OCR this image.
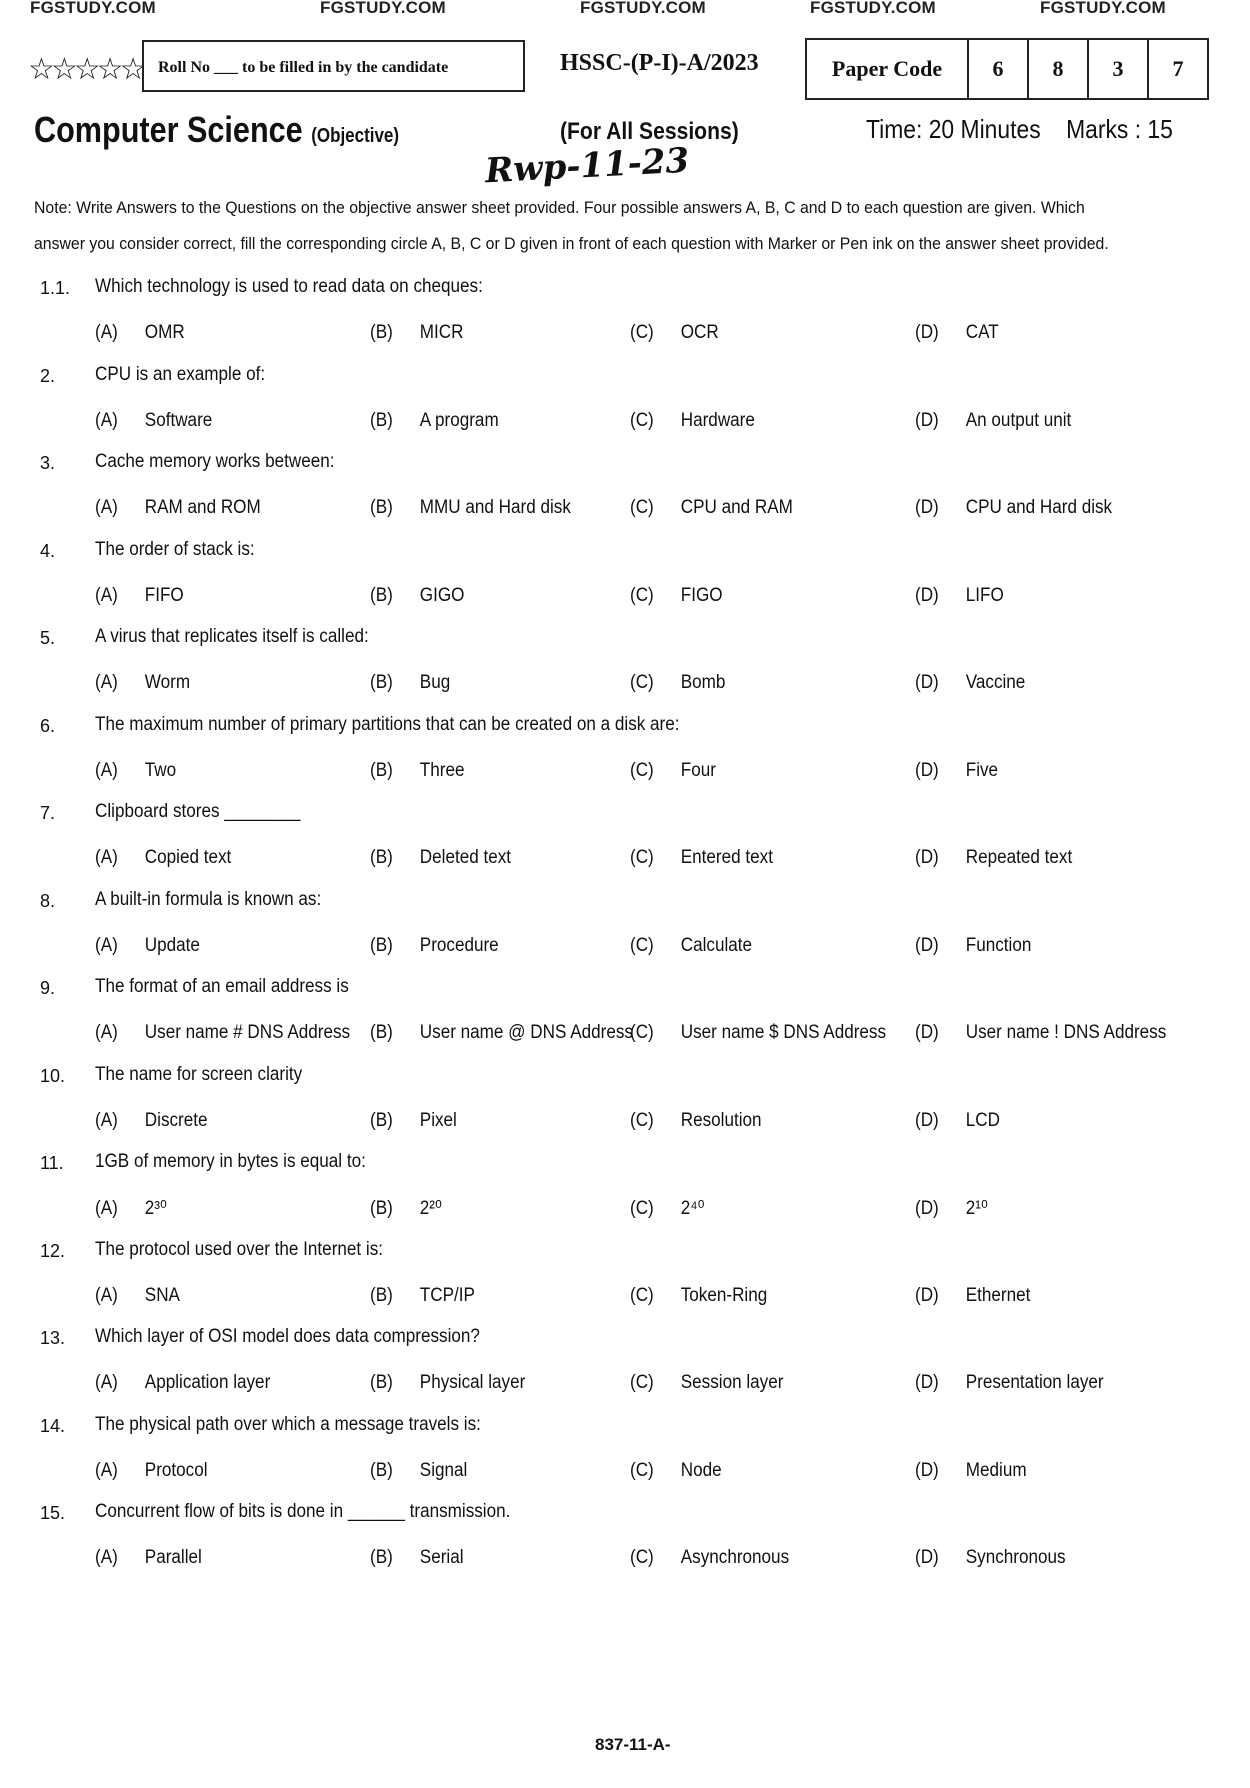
FGSTUDY.COM	FGSTUDY.COM	FGSTUDY.COM	FGSTUDY.COM	FGSTUDY.COM
☆☆☆☆☆ Roll No ___ to be filled in by the candidate	HSSC-(P-I)-A/2023	Paper Code	6	8	3	7
Computer Science (Objective)	(For All Sessions)	Time: 20 Minutes Marks : 15
Rwp-11-23
Note: Write Answers to the Questions on the objective answer sheet provided. Four possible answers A, B, C and D to each question are given. Which
answer you consider correct, fill the corresponding circle A, B, C or D given in front of each question with Marker or Pen ink on the answer sheet provided.
1.1. Which technology is used to read data on cheques:
(A) OMR	(B) MICR	(C) OCR	(D) CAT
2. CPU is an example of:
(A) Software	(B) A program	(C) Hardware	(D) An output unit
3. Cache memory works between:
(A) RAM and ROM	(B) MMU and Hard disk	(C) CPU and RAM	(D) CPU and Hard disk
4. The order of stack is:
(A) FIFO	(B) GIGO	(C) FIGO	(D) LIFO
5. A virus that replicates itself is called:
(A) Worm	(B) Bug	(C) Bomb	(D) Vaccine
6. The maximum number of primary partitions that can be created on a disk are:
(A) Two	(B) Three	(C) Four	(D) Five
7. Clipboard stores ________
(A) Copied text	(B) Deleted text	(C) Entered text	(D) Repeated text
8. A built-in formula is known as:
(A) Update	(B) Procedure	(C) Calculate	(D) Function
9. The format of an email address is
(A) User name # DNS Address (B) User name @ DNS Address
(C) User name $ DNS Address (D) User name ! DNS Address
10. The name for screen clarity
(A) Discrete	(B) Pixel	(C) Resolution	(D) LCD
11. 1GB of memory in bytes is equal to:
(A) 2³⁰	(B) 2²⁰	(C) 2⁴⁰	(D) 2¹⁰
12. The protocol used over the Internet is:
(A) SNA	(B) TCP/IP	(C) Token-Ring	(D) Ethernet
13. Which layer of OSI model does data compression?
(A) Application layer	(B) Physical layer	(C) Session layer	(D) Presentation layer
14. The physical path over which a message travels is:
(A) Protocol	(B) Signal	(C) Node	(D) Medium
15. Concurrent flow of bits is done in ______ transmission.
(A) Parallel	(B) Serial	(C) Asynchronous	(D) Synchronous
837-11-A-
